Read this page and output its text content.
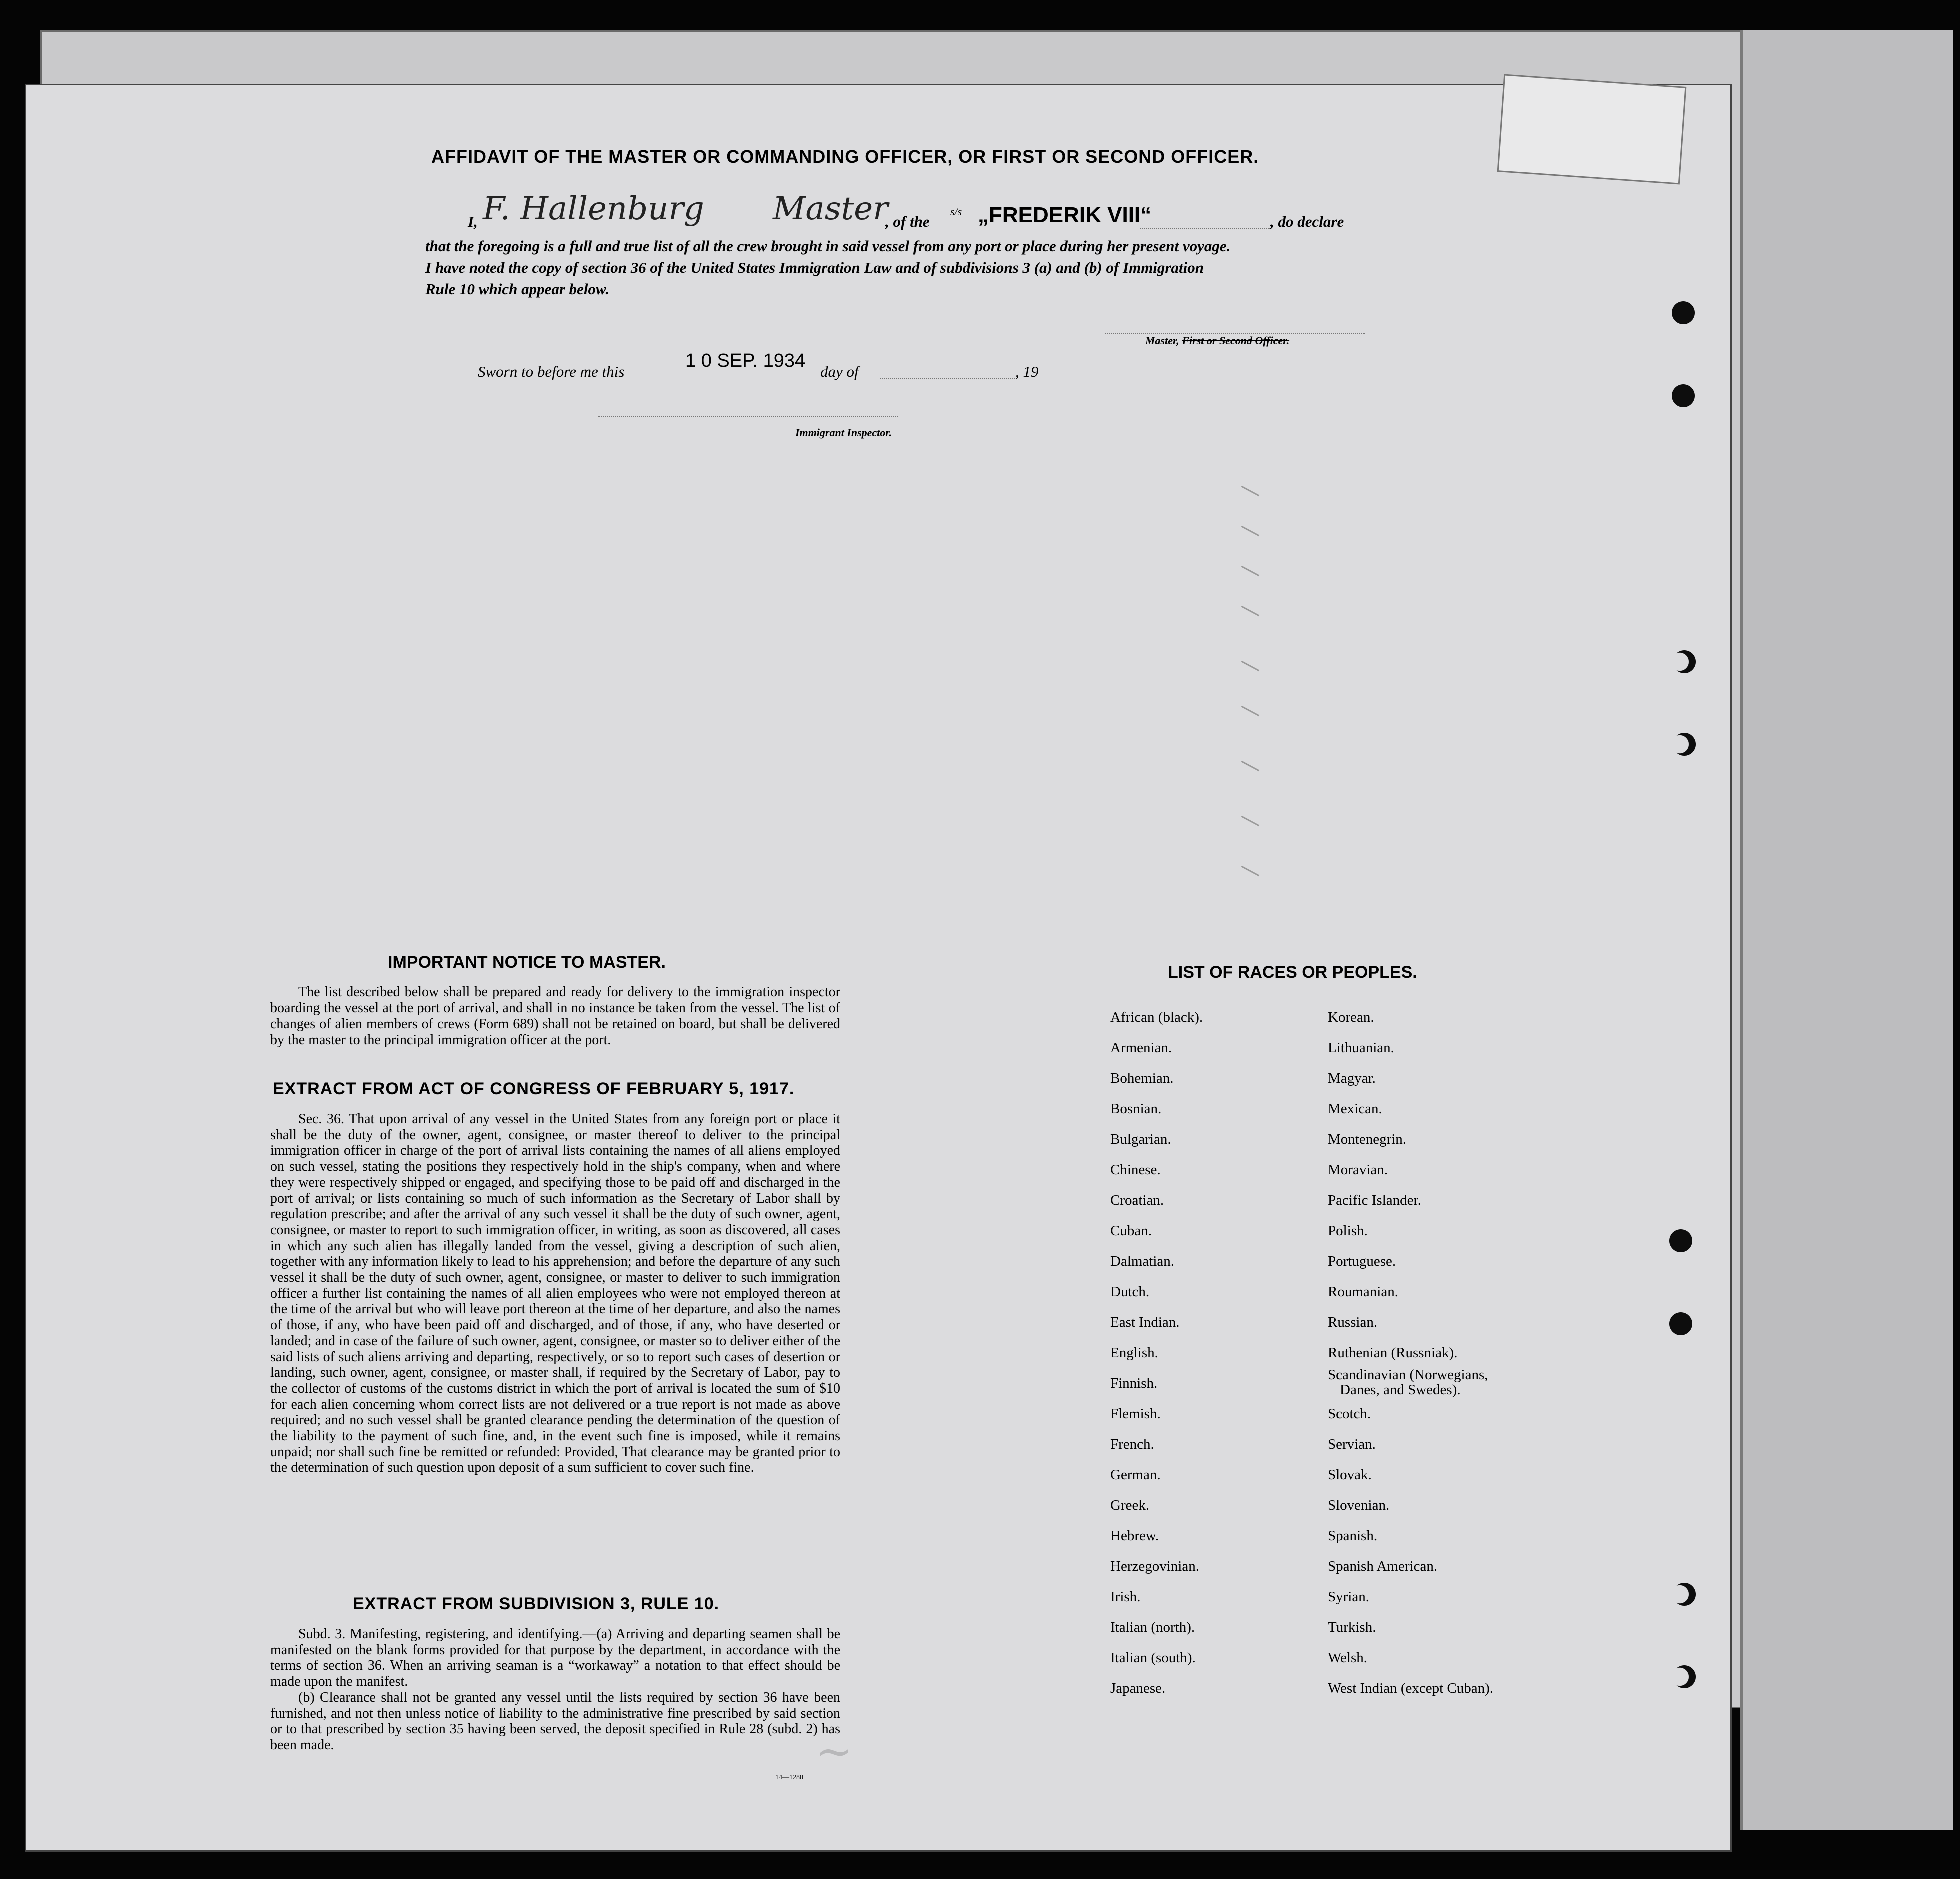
AFFIDAVIT OF THE MASTER OR COMMANDING OFFICER, OR FIRST OR SECOND OFFICER.
I, F. Hallenburg Master
, of the
s/s „FREDERIK VIII“	, do declare
that the foregoing is a full and true list of all the crew brought in said vessel from any port or place during her present voyage.
I have noted the copy of section 36 of the United States Immigration Law and of subdivisions 3 (a) and (b) of Immigration
Rule 10 which appear below.
Master, First or Second Officer.
Sworn to before me this
1 0 SEP. 1934
day of	, 19
Immigrant Inspector.
IMPORTANT NOTICE TO MASTER.
The list described below shall be prepared and ready for delivery to the immigration inspector boarding the vessel at the port of arrival, and shall in no instance be taken from the vessel. The list of changes of alien members of crews (Form 689) shall not be retained on board, but shall be delivered by the master to the principal immigration officer at the port.
EXTRACT FROM ACT OF CONGRESS OF FEBRUARY 5, 1917.

Sec. 36. That upon arrival of any vessel in the United States from any foreign port or place it shall be the duty of the owner, agent, consignee, or master thereof to deliver to the principal immigration officer in charge of the port of arrival lists containing the names of all aliens employed on such vessel, stating the positions they respectively hold in the ship's company, when and where they were respectively shipped or engaged, and specifying those to be paid off and discharged in the port of arrival; or lists containing so much of such information as the Secretary of Labor shall by regulation prescribe; and after the arrival of any such vessel it shall be the duty of such owner, agent, consignee, or master to report to such immigration officer, in writing, as soon as discovered, all cases in which any such alien has illegally landed from the vessel, giving a description of such alien, together with any information likely to lead to his apprehension; and before the departure of any such vessel it shall be the duty of such owner, agent, consignee, or master to deliver to such immigration officer a further list containing the names of all alien employees who were not employed thereon at the time of the arrival but who will leave port thereon at the time of her departure, and also the names of those, if any, who have been paid off and discharged, and of those, if any, who have deserted or landed; and in case of the failure of such owner, agent, consignee, or master so to deliver either of the said lists of such aliens arriving and departing, respectively, or so to report such cases of desertion or landing, such owner, agent, consignee, or master shall, if required by the Secretary of Labor, pay to the collector of customs of the customs district in which the port of arrival is located the sum of $10 for each alien concerning whom correct lists are not delivered or a true report is not made as above required; and no such vessel shall be granted clearance pending the determination of the question of the liability to the payment of such fine, and, in the event such fine is imposed, while it remains unpaid; nor shall such fine be remitted or refunded: Provided, That clearance may be granted prior to the determination of such question upon deposit of a sum sufficient to cover such fine.

EXTRACT FROM SUBDIVISION 3, RULE 10.

Subd. 3. Manifesting, registering, and identifying.—(a) Arriving and departing seamen shall be manifested on the blank forms provided for that purpose by the department, in accordance with the terms of section 36. When an arriving seaman is a “workaway” a notation to that effect should be made upon the manifest.

(b) Clearance shall not be granted any vessel until the lists required by section 36 have been furnished, and not then unless notice of liability to the administrative fine prescribed by said section or to that prescribed by section 35 having been served, the deposit specified in Rule 28 (subd. 2) has been made.

14—1280 ~
LIST OF RACES OR PEOPLES.
African (black).
Armenian.
Bohemian.
Bosnian.
Bulgarian.
Chinese.
Croatian.
Cuban.
Dalmatian.
Dutch.
East Indian.
English.
Finnish.
Flemish.
French.
German.
Greek.
Hebrew.
Herzegovinian.
Irish.
Italian (north).
Italian (south).
Japanese.
Korean.
Lithuanian.
Magyar.
Mexican.
Montenegrin.
Moravian.
Pacific Islander.
Polish.
Portuguese.
Roumanian.
Russian.
Ruthenian (Russniak).
Scandinavian (Norwegians,
Danes, and Swedes).
Scotch.
Servian.
Slovak.
Slovenian.
Spanish.
Spanish American.
Syrian.
Turkish.
Welsh.
West Indian (except Cuban).
